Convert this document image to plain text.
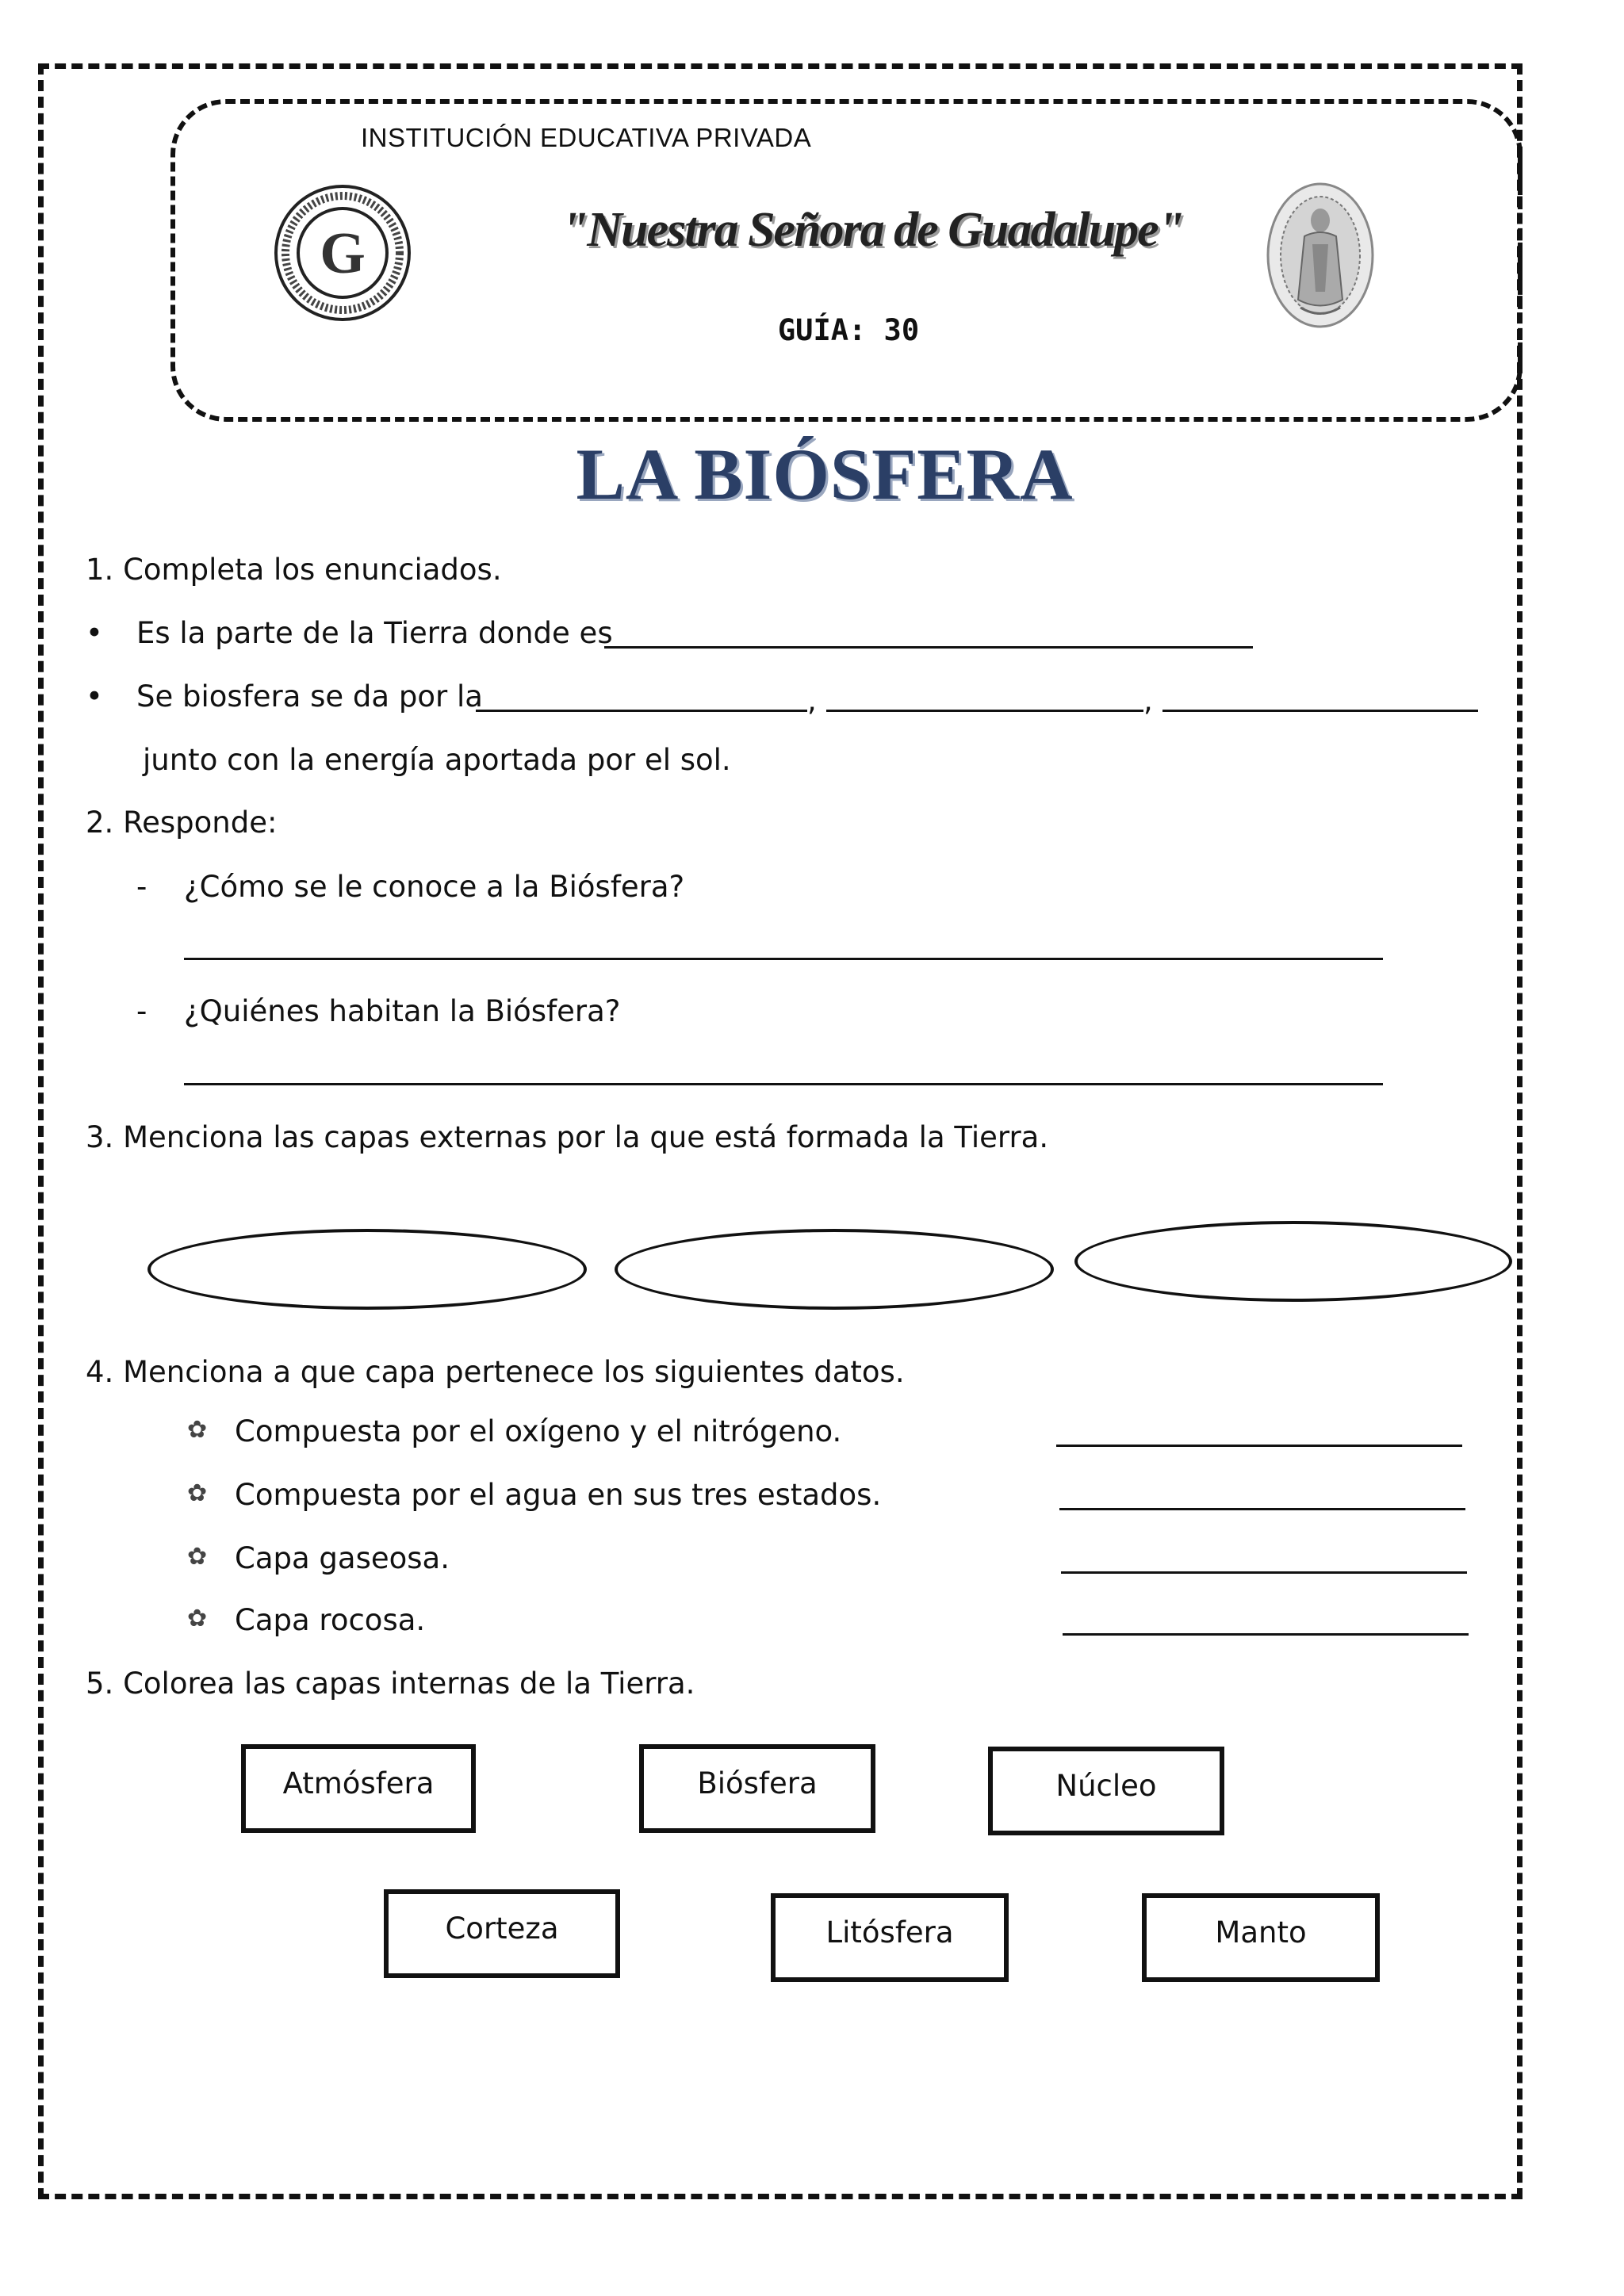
INSTITUCIÓN EDUCATIVA PRIVADA
G	"Nuestra Señora de Guadalupe"
GUÍA: 30
LA BIÓSFERA
1. Completa los enunciados.
• Es la parte de la Tierra donde es
• Se biosfera se da por la	,	,
junto con la energía aportada por el sol.
2. Responde:
- ¿Cómo se le conoce a la Biósfera?
- ¿Quiénes habitan la Biósfera?
3. Menciona las capas externas por la que está formada la Tierra.
4. Menciona a que capa pertenece los siguientes datos.
✿ Compuesta por el oxígeno y el nitrógeno.
✿ Compuesta por el agua en sus tres estados.
✿ Capa gaseosa.
✿ Capa rocosa.
5. Colorea las capas internas de la Tierra.
Atmósfera	Biósfera	Núcleo
Corteza	Litósfera	Manto
